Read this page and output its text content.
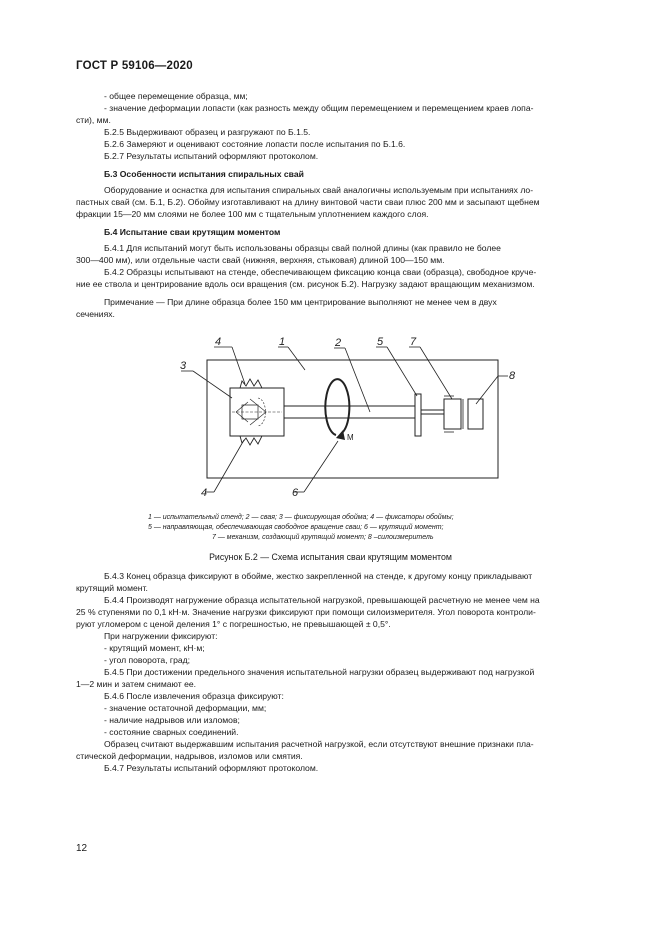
ГОСТ Р 59106—2020
- общее перемещение образца, мм;
- значение деформации лопасти (как разность между общим перемещением и перемещением краев лопа-
сти), мм.
Б.2.5 Выдерживают образец и разгружают по Б.1.5.
Б.2.6 Замеряют и оценивают состояние лопасти после испытания по Б.1.6.
Б.2.7 Результаты испытаний оформляют протоколом.
Б.3 Особенности испытания спиральных свай
Оборудование и оснастка для испытания спиральных свай аналогичны используемым при испытаниях ло-
пастных свай (см. Б.1, Б.2). Обойму изготавливают на длину винтовой части сваи плюс 200 мм и засыпают щебнем
фракции 15—20 мм слоями не более 100 мм с тщательным уплотнением каждого слоя.
Б.4 Испытание сваи крутящим моментом
Б.4.1 Для испытаний могут быть использованы образцы свай полной длины (как правило не более
300—400 мм), или отдельные части свай (нижняя, верхняя, стыковая) длиной 100—150 мм.
Б.4.2 Образцы испытывают на стенде, обеспечивающем фиксацию конца сваи (образца), свободное круче-
ние ее ствола и центрирование вдоль оси вращения (см. рисунок Б.2). Нагрузку задают вращающим механизмом.
Примечание — При длине образца более 150 мм центрирование выполняют не менее чем в двух
сечениях.
4	1	2	5 7
8
3
4	6
M
1 — испытательный стенд; 2 — свая; 3 — фиксирующая обойма; 4 — фиксаторы обоймы;
5 — направляющая, обеспечивающая свободное вращение сваи; 6 — крутящий момент;
7 — механизм, создающий крутящий момент; 8 –силоизмеритель
Рисунок Б.2 — Схема испытания сваи крутящим моментом
Б.4.3 Конец образца фиксируют в обойме, жестко закрепленной на стенде, к другому концу прикладывают
крутящий момент.
Б.4.4 Производят нагружение образца испытательной нагрузкой, превышающей расчетную не менее чем на
25 % ступенями по 0,1 кН·м. Значение нагрузки фиксируют при помощи силоизмерителя. Угол поворота контроли-
руют угломером с ценой деления 1° с погрешностью, не превышающей ± 0,5°.
При нагружении фиксируют:
- крутящий момент, кН·м;
- угол поворота, град;
Б.4.5 При достижении предельного значения испытательной нагрузки образец выдерживают под нагрузкой
1—2 мин и затем снимают ее.
Б.4.6 После извлечения образца фиксируют:
- значение остаточной деформации, мм;
- наличие надрывов или изломов;
- состояние сварных соединений.
Образец считают выдержавшим испытания расчетной нагрузкой, если отсутствуют внешние признаки пла-
стической деформации, надрывов, изломов или смятия.
Б.4.7 Результаты испытаний оформляют протоколом.
12
